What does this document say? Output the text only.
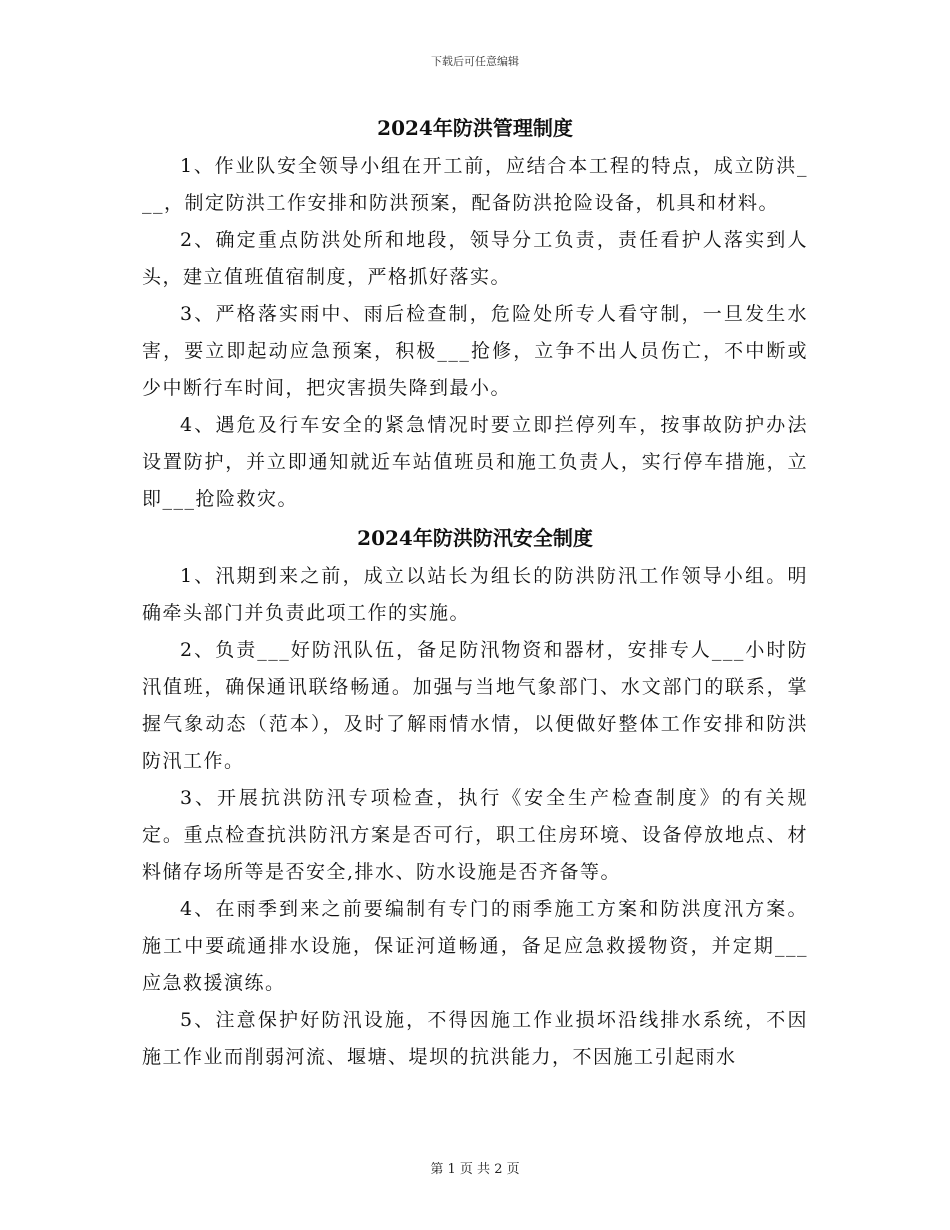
下载后可任意编辑
2024年防洪管理制度

1、作业队安全领导小组在开工前，应结合本工程的特点，成立防洪___，制定防洪工作安排和防洪预案，配备防洪抢险设备，机具和材料。

2、确定重点防洪处所和地段，领导分工负责，责任看护人落实到人头，建立值班值宿制度，严格抓好落实。

3、严格落实雨中、雨后检查制，危险处所专人看守制，一旦发生水害，要立即起动应急预案，积极___抢修，立争不出人员伤亡，不中断或少中断行车时间，把灾害损失降到最小。

4、遇危及行车安全的紧急情况时要立即拦停列车，按事故防护办法设置防护，并立即通知就近车站值班员和施工负责人，实行停车措施，立即___抢险救灾。

2024年防洪防汛安全制度

1、汛期到来之前，成立以站长为组长的防洪防汛工作领导小组。明确牵头部门并负责此项工作的实施。

2、负责___好防汛队伍，备足防汛物资和器材，安排专人___小时防汛值班，确保通讯联络畅通。加强与当地气象部门、水文部门的联系，掌握气象动态（范本），及时了解雨情水情，以便做好整体工作安排和防洪防汛工作。

3、开展抗洪防汛专项检查，执行《安全生产检查制度》的有关规定。重点检查抗洪防汛方案是否可行，职工住房环境、设备停放地点、材料储存场所等是否安全,排水、防水设施是否齐备等。

4、在雨季到来之前要编制有专门的雨季施工方案和防洪度汛方案。施工中要疏通排水设施，保证河道畅通，备足应急救援物资，并定期___应急救援演练。

5、注意保护好防汛设施，不得因施工作业损坏沿线排水系统，不因施工作业而削弱河流、堰塘、堤坝的抗洪能力，不因施工引起雨水

第 1 页 共 2 页
